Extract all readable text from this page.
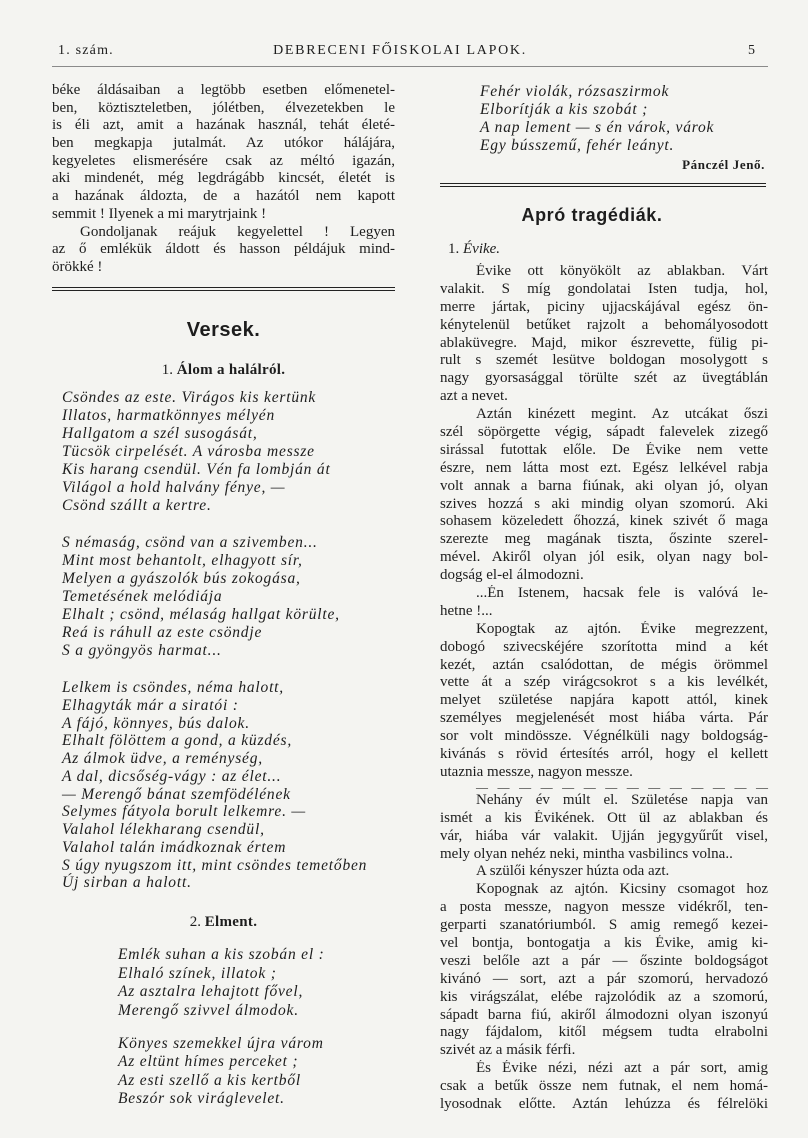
1. szám.	DEBRECENI FŐISKOLAI LAPOK.	5
béke áldásaiban a legtöbb esetben előmenetel-
ben, köztiszteletben, jólétben, élvezetekben le
is éli azt, amit a hazának használ, tehát életé-
ben megkapja jutalmát. Az utókor hálájára,
kegyeletes elismerésére csak az méltó igazán,
aki mindenét, még legdrágább kincsét, életét is
a hazának áldozta, de a hazától nem kapott
semmit ! Ilyenek a mi marytrjaink !
Gondoljanak reájuk kegyelettel ! Legyen
az ő emlékük áldott és hasson példájuk mind-
örökké !
Versek.
1. Álom a halálról.
Csöndes az este. Virágos kis kertünk
Illatos, harmatkönnyes mélyén
Hallgatom a szél susogását,
Tücsök cirpelését. A városba messze
Kis harang csendül. Vén fa lombján át
Világol a hold halvány fénye, —
Csönd szállt a kertre.
S némaság, csönd van a szivemben...
Mint most behantolt, elhagyott sír,
Melyen a gyászolók bús zokogása,
Temetésének melódiája
Elhalt ; csönd, mélaság hallgat körülte,
Reá is ráhull az este csöndje
S a gyöngyös harmat...
Lelkem is csöndes, néma halott,
Elhagyták már a siratói :
A fájó, könnyes, bús dalok.
Elhalt fölöttem a gond, a küzdés,
Az álmok üdve, a reménység,
A dal, dicsőség-vágy : az élet...
— Merengő bánat szemfödélének
Selymes fátyola borult lelkemre. —
Valahol lélekharang csendül,
Valahol talán imádkoznak értem
S úgy nyugszom itt, mint csöndes temetőben
Új sirban a halott.
2. Elment.
Emlék suhan a kis szobán el :
Elhaló színek, illatok ;
Az asztalra lehajtott fővel,
Merengő szivvel álmodok.
Könyes szemekkel újra várom
Az eltünt hímes perceket ;
Az esti szellő a kis kertből
Beszór sok viráglevelet.
Fehér violák, rózsaszirmok
Elborítják a kis szobát ;
A nap lement — s én várok, várok
Egy bússzemű, fehér leányt.
Pánczél Jenő.
Apró tragédiák.
1. Évike.
Évike ott könyökölt az ablakban. Várt
valakit. S míg gondolatai Isten tudja, hol,
merre jártak, piciny ujjacskájával egész ön-
kénytelenül betűket rajzolt a behomályosodott
ablaküvegre. Majd, mikor észrevette, fülig pi-
rult s szemét lesütve boldogan mosolygott s
nagy gyorsasággal törülte szét az üvegtáblán
azt a nevet.
Aztán kinézett megint. Az utcákat őszi
szél söpörgette végig, sápadt falevelek zizegő
sirással futottak előle. De Évike nem vette
észre, nem látta most ezt. Egész lelkével rabja
volt annak a barna fiúnak, aki olyan jó, olyan
szives hozzá s aki mindig olyan szomorú. Aki
sohasem közeledett őhozzá, kinek szivét ő maga
szerezte meg magának tiszta, őszinte szerel-
mével. Akiről olyan jól esik, olyan nagy bol-
dogság el-el álmodozni.
...Én Istenem, hacsak fele is valóvá le-
hetne !...
Kopogtak az ajtón. Évike megrezzent,
dobogó szivecskéjére szorította mind a két
kezét, aztán csalódottan, de mégis örömmel
vette át a szép virágcsokrot s a kis levélkét,
melyet születése napjára kapott attól, kinek
személyes megjelenését most hiába várta. Pár
sor volt mindössze. Végnélküli nagy boldogság-
kivánás s rövid értesítés arról, hogy el kellett
utaznia messze, nagyon messze.
— — — — — — — — — — — — — —
Nehány év múlt el. Születése napja van
ismét a kis Évikének. Ott ül az ablakban és
vár, hiába vár valakit. Ujján jegygyűrűt visel,
mely olyan nehéz neki, mintha vasbilincs volna..
A szülői kényszer húzta oda azt.
Kopognak az ajtón. Kicsiny csomagot hoz
a posta messze, nagyon messze vidékről, ten-
gerparti szanatóriumból. S amig remegő kezei-
vel bontja, bontogatja a kis Évike, amig ki-
veszi belőle azt a pár — őszinte boldogságot
kivánó — sort, azt a pár szomorú, hervadozó
kis virágszálat, elébe rajzolódik az a szomorú,
sápadt barna fiú, akiről álmodozni olyan iszonyú
nagy fájdalom, kitől mégsem tudta elrabolni
szivét az a másik férfi.
És Évike nézi, nézi azt a pár sort, amig
csak a betűk össze nem futnak, el nem homá-
lyosodnak előtte. Aztán lehúzza és félrelöki
